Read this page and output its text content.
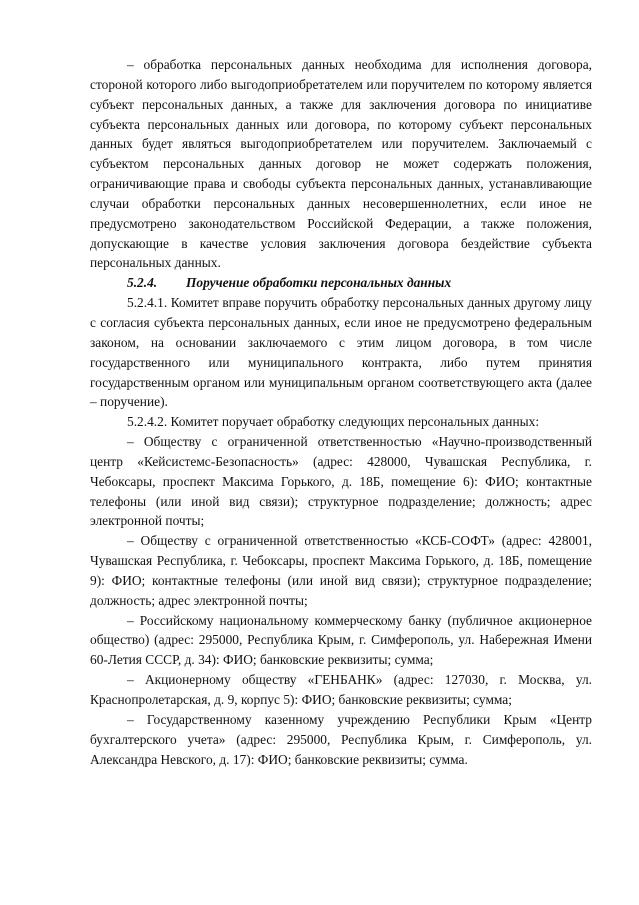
– обработка персональных данных необходима для исполнения договора, стороной которого либо выгодоприобретателем или поручителем по которому является субъект персональных данных, а также для заключения договора по инициативе субъекта персональных данных или договора, по которому субъект персональных данных будет являться выгодоприобретателем или поручителем. Заключаемый с субъектом персональных данных договор не может содержать положения, ограничивающие права и свободы субъекта персональных данных, устанавливающие случаи обработки персональных данных несовершеннолетних, если иное не предусмотрено законодательством Российской Федерации, а также положения, допускающие в качестве условия заключения договора бездействие субъекта персональных данных.

5.2.4. Поручение обработки персональных данных

5.2.4.1. Комитет вправе поручить обработку персональных данных другому лицу с согласия субъекта персональных данных, если иное не предусмотрено федеральным законом, на основании заключаемого с этим лицом договора, в том числе государственного или муниципального контракта, либо путем принятия государственным органом или муниципальным органом соответствующего акта (далее – поручение).

5.2.4.2. Комитет поручает обработку следующих персональных данных:

– Обществу с ограниченной ответственностью «Научно-производственный центр «Кейсистемс-Безопасность» (адрес: 428000, Чувашская Республика, г. Чебоксары, проспект Максима Горького, д. 18Б, помещение 6): ФИО; контактные телефоны (или иной вид связи); структурное подразделение; должность; адрес электронной почты;

– Обществу с ограниченной ответственностью «КСБ-СОФТ» (адрес: 428001, Чувашская Республика, г. Чебоксары, проспект Максима Горького, д. 18Б, помещение 9): ФИО; контактные телефоны (или иной вид связи); структурное подразделение; должность; адрес электронной почты;

– Российскому национальному коммерческому банку (публичное акционерное общество) (адрес: 295000, Республика Крым, г. Симферополь, ул. Набережная Имени 60-Летия СССР, д. 34): ФИО; банковские реквизиты; сумма;

– Акционерному обществу «ГЕНБАНК» (адрес: 127030, г. Москва, ул. Краснопролетарская, д. 9, корпус 5): ФИО; банковские реквизиты; сумма;

– Государственному казенному учреждению Республики Крым «Центр бухгалтерского учета» (адрес: 295000, Республика Крым, г. Симферополь, ул. Александра Невского, д. 17): ФИО; банковские реквизиты; сумма.
